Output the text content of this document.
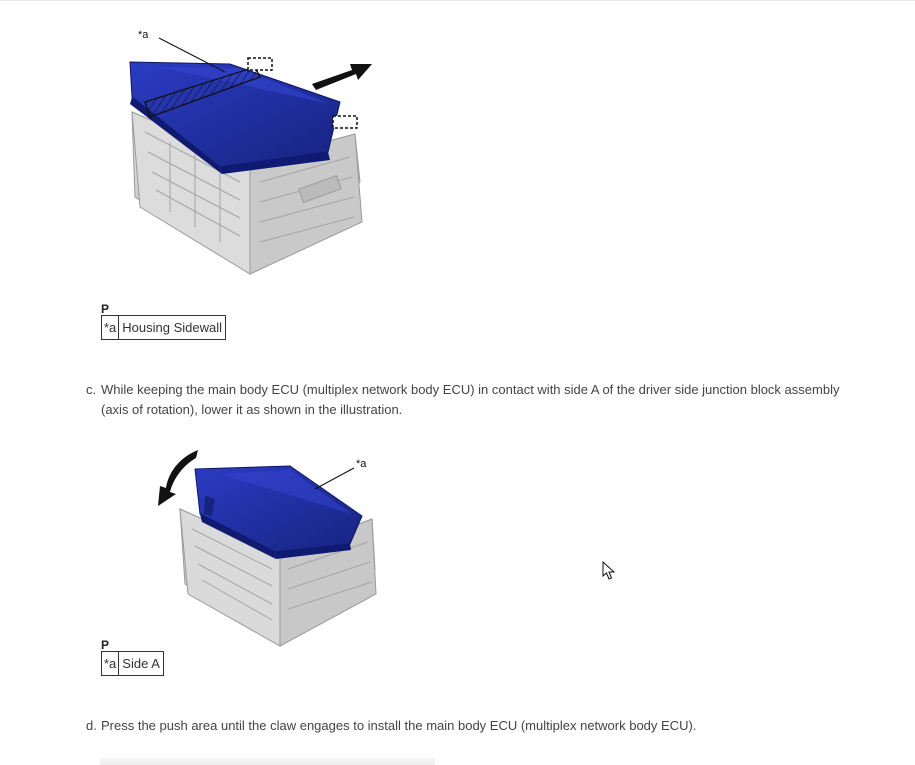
*a
P
*a	Housing Sidewall
c. While keeping the main body ECU (multiplex network body ECU) in contact with side A of the driver side junction block assembly (axis of rotation), lower it as shown in the illustration.
*a
P
*a	Side A
d. Press the push area until the claw engages to install the main body ECU (multiplex network body ECU).
